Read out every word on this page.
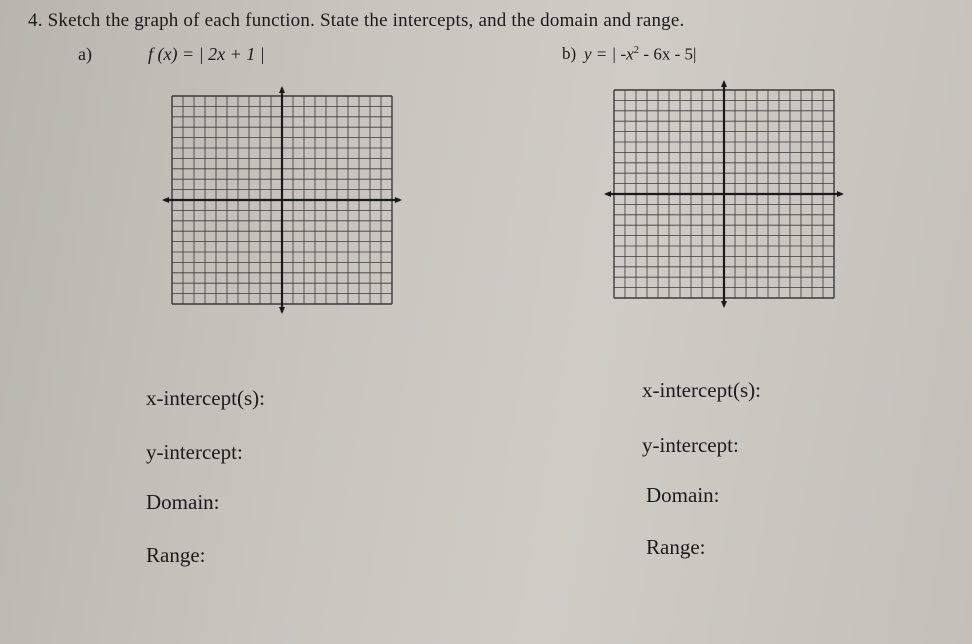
4. Sketch the graph of each function. State the intercepts, and the domain and range.
a)	f (x) = | 2x + 1 |	b) y = | $-x^2 - 6x - 5|$
x-intercept(s):
y-intercept:
Domain:
Range:
x-intercept(s):
y-intercept:
Domain:
Range:
